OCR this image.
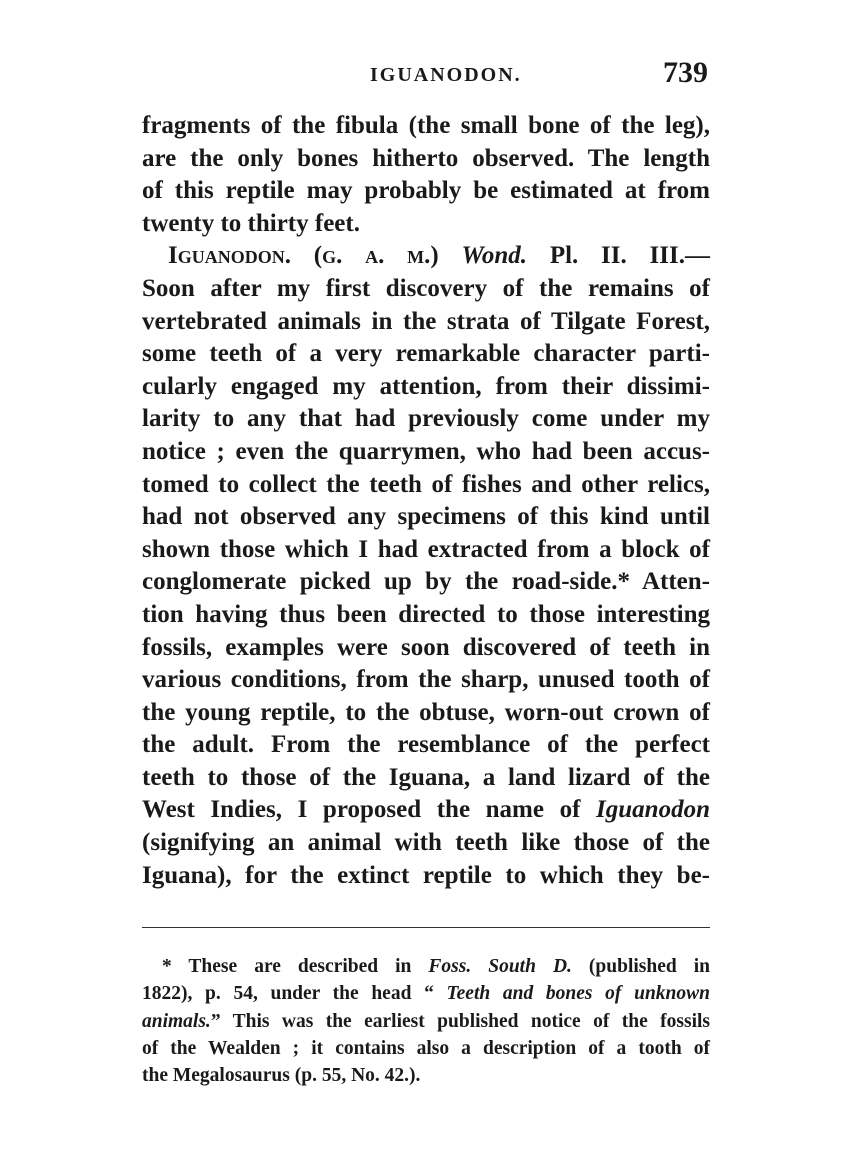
IGUANODON.	739
fragments of the fibula (the small bone of the leg),
are the only bones hitherto observed. The length
of this reptile may probably be estimated at from
twenty to thirty feet.
Iguanodon. (g. a. m.) Wond. Pl. II. III.—
Soon after my first discovery of the remains of
vertebrated animals in the strata of Tilgate Forest,
some teeth of a very remarkable character parti-
cularly engaged my attention, from their dissimi-
larity to any that had previously come under my
notice ; even the quarrymen, who had been accus-
tomed to collect the teeth of fishes and other relics,
had not observed any specimens of this kind until
shown those which I had extracted from a block of
conglomerate picked up by the road-side.* Atten-
tion having thus been directed to those interesting
fossils, examples were soon discovered of teeth in
various conditions, from the sharp, unused tooth of
the young reptile, to the obtuse, worn-out crown of
the adult. From the resemblance of the perfect
teeth to those of the Iguana, a land lizard of the
West Indies, I proposed the name of Iguanodon
(signifying an animal with teeth like those of the
Iguana), for the extinct reptile to which they be-
* These are described in Foss. South D. (published in
1822), p. 54, under the head “ Teeth and bones of unknown
animals.” This was the earliest published notice of the fossils
of the Wealden ; it contains also a description of a tooth of
the Megalosaurus (p. 55, No. 42.).
